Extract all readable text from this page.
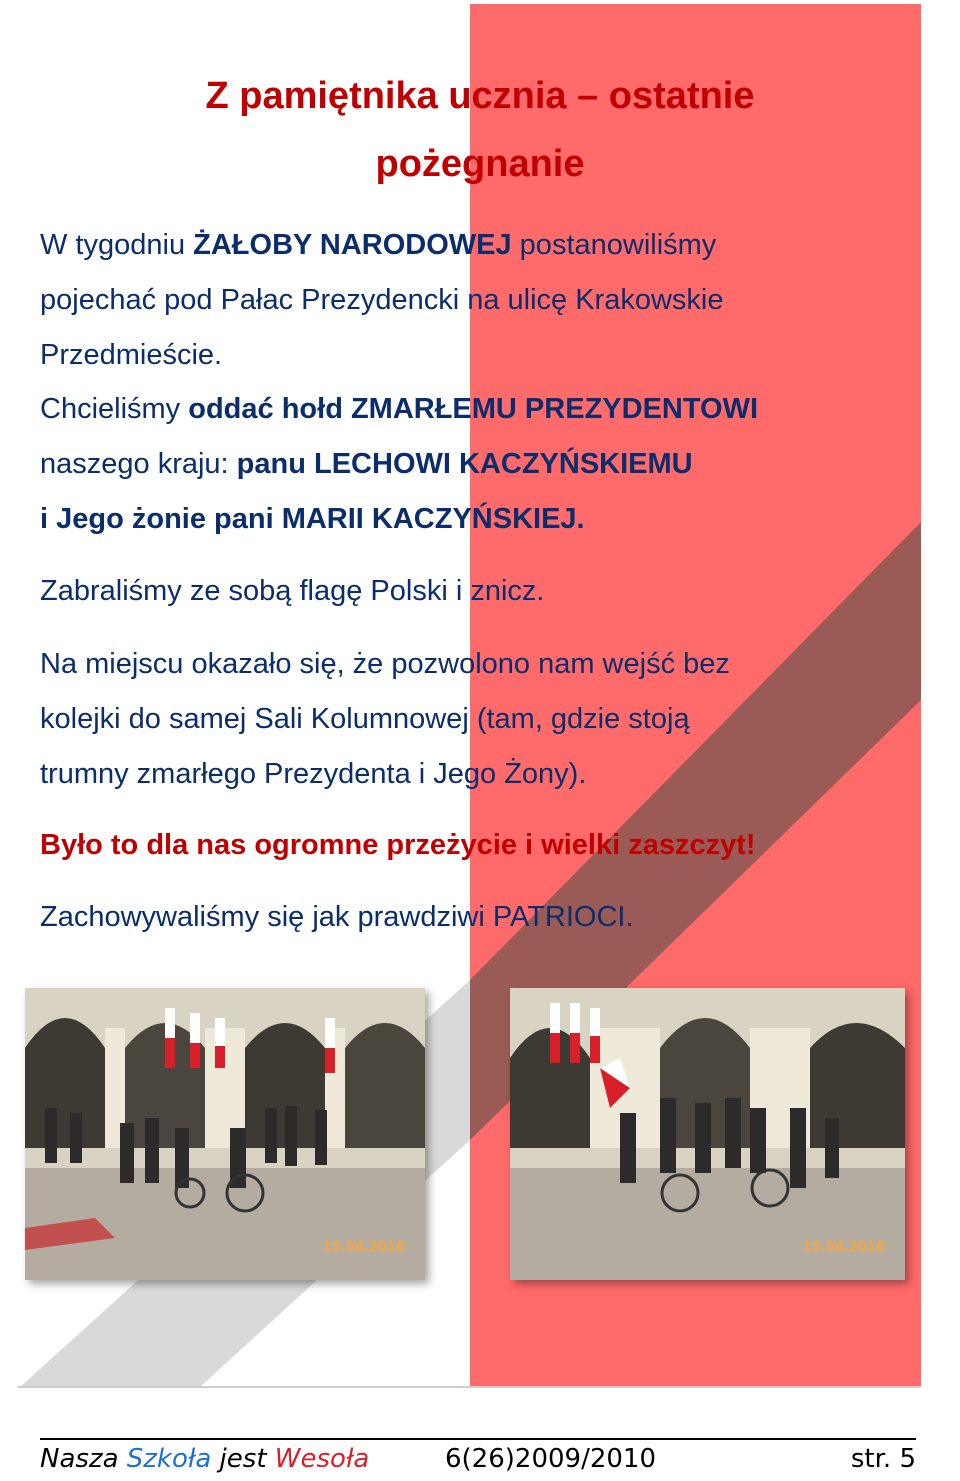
Z pamiętnika ucznia – ostatnie
pożegnanie
W tygodniu ŻAŁOBY NARODOWEJ postanowiliśmy
pojechać pod Pałac Prezydencki na ulicę Krakowskie
Przedmieście.
Chcieliśmy oddać hołd ZMARŁEMU PREZYDENTOWI
naszego kraju: panu LECHOWI KACZYŃSKIEMU
i Jego żonie pani MARII KACZYŃSKIEJ.
Zabraliśmy ze sobą flagę Polski i znicz.
Na miejscu okazało się, że pozwolono nam wejść bez
kolejki do samej Sali Kolumnowej (tam, gdzie stoją
trumny zmarłego Prezydenta i Jego Żony).
Było to dla nas ogromne przeżycie i wielki zaszczyt!
Zachowywaliśmy się jak prawdziwi PATRIOCI.
15.04.2010	15.04.2010
Nasza Szkoła jest Wesoła	6(26)2009/2010	str. 5
